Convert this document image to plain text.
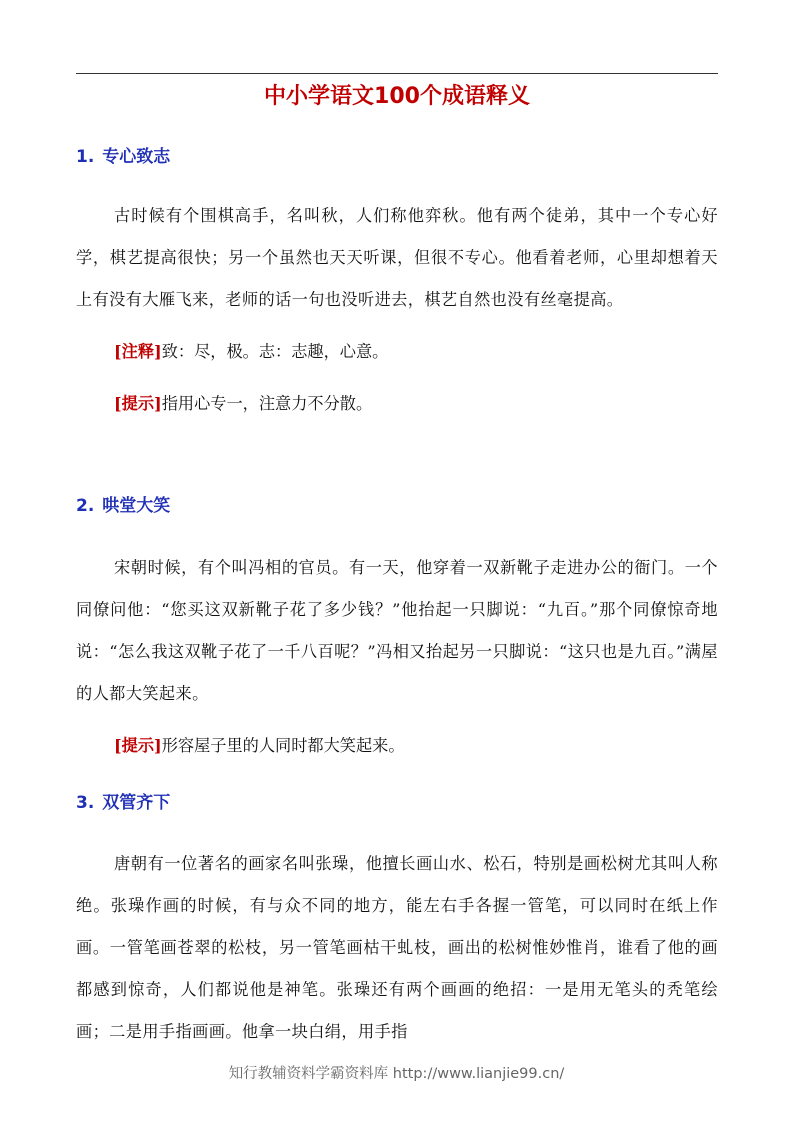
中小学语文100个成语释义
1. 专心致志

古时候有个围棋高手，名叫秋，人们称他弈秋。他有两个徒弟，其中一个专心好学，棋艺提高很快；另一个虽然也天天听课，但很不专心。他看着老师，心里却想着天上有没有大雁飞来，老师的话一句也没听进去，棋艺自然也没有丝毫提高。

[注释]致：尽，极。志：志趣，心意。

[提示]指用心专一，注意力不分散。

2. 哄堂大笑

宋朝时候，有个叫冯相的官员。有一天，他穿着一双新靴子走进办公的衙门。一个同僚问他：“您买这双新靴子花了多少钱？”他抬起一只脚说：“九百。”那个同僚惊奇地说：“怎么我这双靴子花了一千八百呢？”冯相又抬起另一只脚说：“这只也是九百。”满屋的人都大笑起来。

[提示]形容屋子里的人同时都大笑起来。

3. 双管齐下

唐朝有一位著名的画家名叫张璪，他擅长画山水、松石，特别是画松树尤其叫人称绝。张璪作画的时候，有与众不同的地方，能左右手各握一管笔，可以同时在纸上作画。一管笔画苍翠的松枝，另一管笔画枯干虬枝，画出的松树惟妙惟肖，谁看了他的画都感到惊奇，人们都说他是神笔。张璪还有两个画画的绝招：一是用无笔头的秃笔绘画；二是用手指画画。他拿一块白绢，用手指

知行教辅资料学霸资料库 http://www.lianjie99.cn/
